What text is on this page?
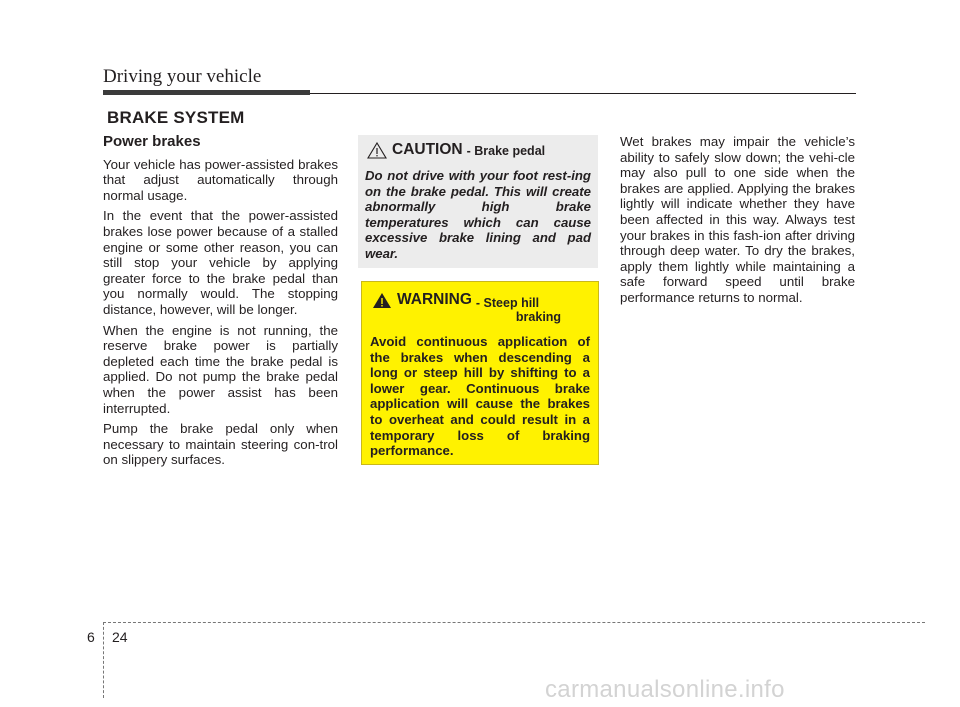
Driving your vehicle
BRAKE SYSTEM
Power brakes

Your vehicle has power-assisted brakes that adjust automatically through normal usage.

In the event that the power-assisted brakes lose power because of a stalled engine or some other reason, you can still stop your vehicle by applying greater force to the brake pedal than you normally would. The stopping distance, however, will be longer.

When the engine is not running, the reserve brake power is partially depleted each time the brake pedal is applied. Do not pump the brake pedal when the power assist has been interrupted.

Pump the brake pedal only when necessary to maintain steering con-trol on slippery surfaces.

CAUTION - Brake pedal
Do not drive with your foot rest-ing on the brake pedal. This will create abnormally high brake temperatures which can cause excessive brake lining and pad wear.
WARNING - Steep hill
braking
Avoid continuous application of the brakes when descending a long or steep hill by shifting to a lower gear. Continuous brake application will cause the brakes to overheat and could result in a temporary loss of braking performance.

Wet brakes may impair the vehicle’s ability to safely slow down; the vehi-cle may also pull to one side when the brakes are applied. Applying the brakes lightly will indicate whether they have been affected in this way. Always test your brakes in this fash-ion after driving through deep water. To dry the brakes, apply them lightly while maintaining a safe forward speed until brake performance returns to normal.

6 24
carmanualsonline.info
